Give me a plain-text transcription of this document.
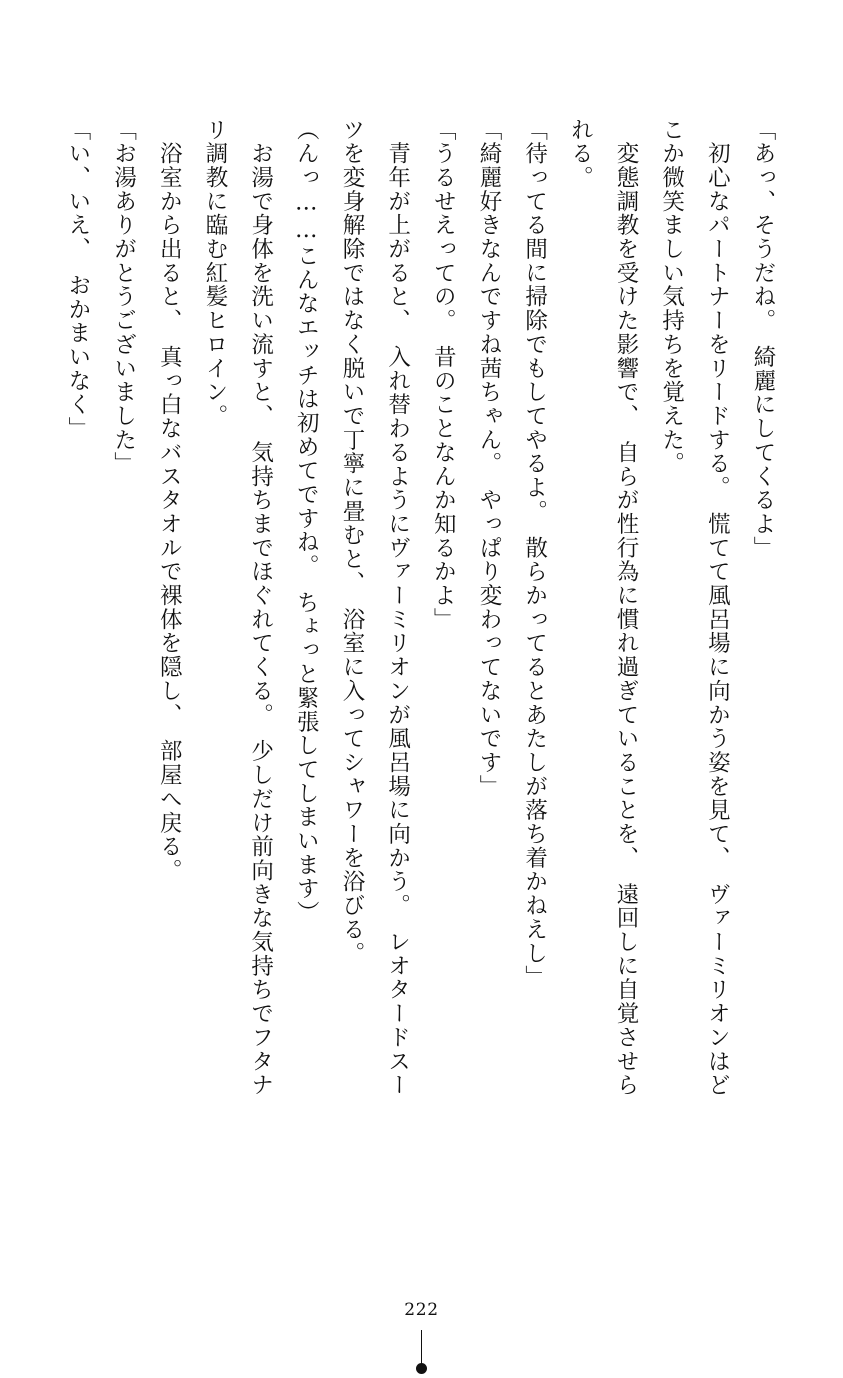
「あっ、そうだね。　綺麗にしてくるよ」

　初心なパートナーをリードする。　慌てて風呂場に向かう姿を見て、　ヴァーミリオンはど

こか微笑ましい気持ちを覚えた。

　変態調教を受けた影響で、　自らが性行為に慣れ過ぎていることを、　遠回しに自覚させら

れる。

「待ってる間に掃除でもしてやるよ。　散らかってるとあたしが落ち着かねえし」

「綺麗好きなんですね茜ちゃん。　やっぱり変わってないです」

「うるせえっての。　昔のことなんか知るかよ」

　青年が上がると、　入れ替わるようにヴァーミリオンが風呂場に向かう。　レオタードスー

ツを変身解除ではなく脱いで丁寧に畳むと、　浴室に入ってシャワーを浴びる。

（んっ……こんなエッチは初めてですね。　ちょっと緊張してしまいます）

　お湯で身体を洗い流すと、　気持ちまでほぐれてくる。　少しだけ前向きな気持ちでフタナ

リ調教に臨む紅髪ヒロイン。

　浴室から出ると、　真っ白なバスタオルで裸体を隠し、　部屋へ戻る。

「お湯ありがとうございました」

「い、いえ、　おかまいなく」

222
